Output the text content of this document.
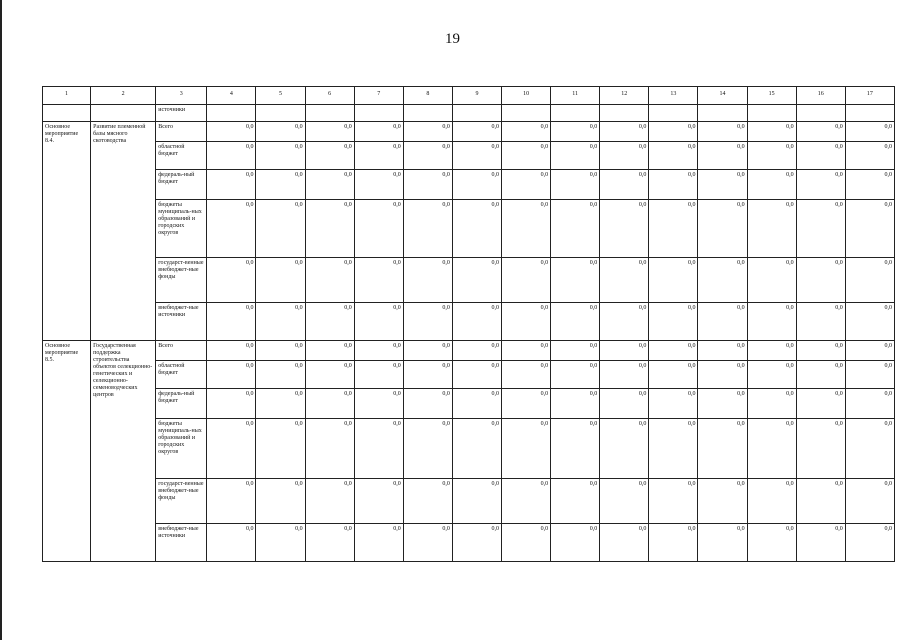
19
1	2	3	4	5	6	7	8	9	10	11	12	13	14	15	16	17
		источники														
Основное мероприятие 8.4.	Развитие племенной базы мясного скотоводства	Всего	0,0	0,0	0,0	0,0	0,0	0,0	0,0	0,0	0,0	0,0	0,0	0,0	0,0	0,0
		областной бюджет	0,0	0,0	0,0	0,0	0,0	0,0	0,0	0,0	0,0	0,0	0,0	0,0	0,0	0,0
		федераль-ный бюджет	0,0	0,0	0,0	0,0	0,0	0,0	0,0	0,0	0,0	0,0	0,0	0,0	0,0	0,0
		бюджеты муниципаль-ных образований и городских округов	0,0	0,0	0,0	0,0	0,0	0,0	0,0	0,0	0,0	0,0	0,0	0,0	0,0	0,0
		государст-венные внебюджет-ные фонды	0,0	0,0	0,0	0,0	0,0	0,0	0,0	0,0	0,0	0,0	0,0	0,0	0,0	0,0
		внебюджет-ные источники	0,0	0,0	0,0	0,0	0,0	0,0	0,0	0,0	0,0	0,0	0,0	0,0	0,0	0,0
Основное мероприятие 8.5.	Государственная поддержка строительства объектов селекционно-генетических и селекционно-семеноводческих центров	Всего	0,0	0,0	0,0	0,0	0,0	0,0	0,0	0,0	0,0	0,0	0,0	0,0	0,0	0,0
		областной бюджет	0,0	0,0	0,0	0,0	0,0	0,0	0,0	0,0	0,0	0,0	0,0	0,0	0,0	0,0
		федераль-ный бюджет	0,0	0,0	0,0	0,0	0,0	0,0	0,0	0,0	0,0	0,0	0,0	0,0	0,0	0,0
		бюджеты муниципаль-ных образований и городских округов	0,0	0,0	0,0	0,0	0,0	0,0	0,0	0,0	0,0	0,0	0,0	0,0	0,0	0,0
		государст-венные внебюджет-ные фонды	0,0	0,0	0,0	0,0	0,0	0,0	0,0	0,0	0,0	0,0	0,0	0,0	0,0	0,0
		внебюджет-ные источники	0,0	0,0	0,0	0,0	0,0	0,0	0,0	0,0	0,0	0,0	0,0	0,0	0,0	0,0
